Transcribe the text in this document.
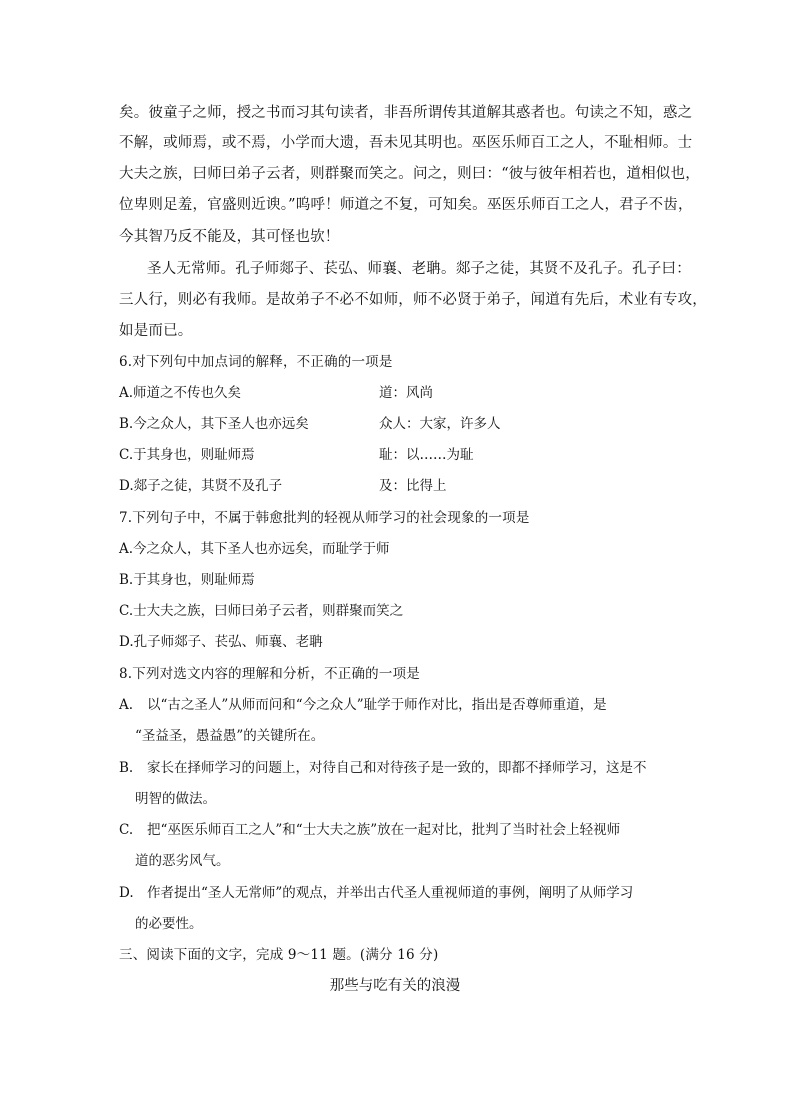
矣。彼童子之师，授之书而习其句读者，非吾所谓传其道解其惑者也。句读之不知，惑之
不解，或师焉，或不焉，小学而大遗，吾未见其明也。巫医乐师百工之人，不耻相师。士
大夫之族，曰师曰弟子云者，则群聚而笑之。问之，则曰：“彼与彼年相若也，道相似也，
位卑则足羞，官盛则近谀。”呜呼！师道之不复，可知矣。巫医乐师百工之人，君子不齿，
今其智乃反不能及，其可怪也欤！
圣人无常师。孔子师郯子、苌弘、师襄、老聃。郯子之徒，其贤不及孔子。孔子曰：
三人行，则必有我师。是故弟子不必不如师，师不必贤于弟子，闻道有先后，术业有专攻，
如是而已。
6.对下列句中加点词的解释，不正确的一项是
A.师道之不传也久矣	道：风尚
B.今之众人，其下圣人也亦远矣	众人：大家，许多人
C.于其身也，则耻师焉	耻：以……为耻
D.郯子之徒，其贤不及孔子	及：比得上
7.下列句子中，不属于韩愈批判的轻视从师学习的社会现象的一项是
A.今之众人，其下圣人也亦远矣，而耻学于师
B.于其身也，则耻师焉
C.士大夫之族，曰师曰弟子云者，则群聚而笑之
D.孔子师郯子、苌弘、师襄、老聃
8.下列对选文内容的理解和分析，不正确的一项是
A. 以“古之圣人”从师而问和“今之众人”耻学于师作对比，指出是否尊师重道，是
“圣益圣，愚益愚”的关键所在。
B. 家长在择师学习的问题上，对待自己和对待孩子是一致的，即都不择师学习，这是不
明智的做法。
C. 把“巫医乐师百工之人”和“士大夫之族”放在一起对比，批判了当时社会上轻视师
道的恶劣风气。
D. 作者提出“圣人无常师”的观点，并举出古代圣人重视师道的事例，阐明了从师学习
的必要性。
三、阅读下面的文字，完成 9～11 题。(满分 16 分)
那些与吃有关的浪漫
